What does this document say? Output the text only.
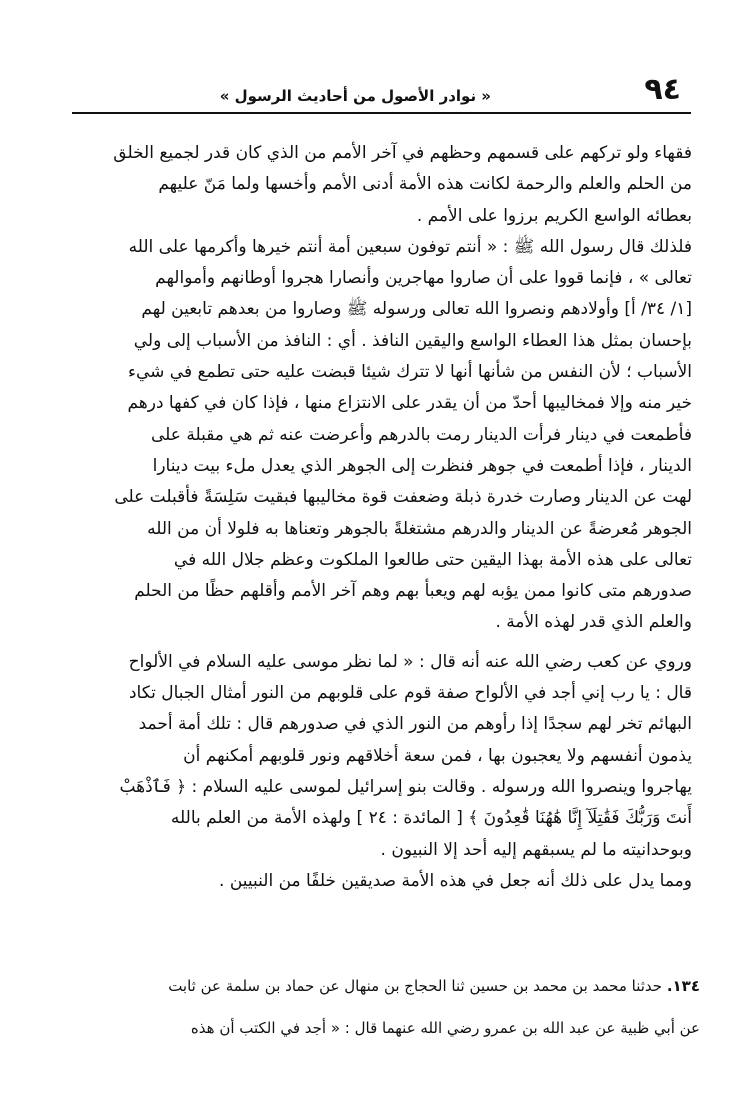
٩٤
« نوادر الأصول من أحاديث الرسول »
فقهاء ولو تركهم على قسمهم وحظهم في آخر الأمم من الذي كان قدر لجميع الخلق
من الحلم والعلم والرحمة لكانت هذه الأمة أدنى الأمم وأخسها ولما مَنّ عليهم
بعطائه الواسع الكريم برزوا على الأمم .
فلذلك قال رسول الله ﷺ : « أنتم توفون سبعين أمة أنتم خيرها وأكرمها على الله
تعالى » ، فإنما قووا على أن صاروا مهاجرين وأنصارا هجروا أوطانهم وأموالهم
[١/ ٣٤/ أ] وأولادهم ونصروا الله تعالى ورسوله ﷺ وصاروا من بعدهم تابعين لهم
بإحسان بمثل هذا العطاء الواسع واليقين النافذ . أي : النافذ من الأسباب إلى ولي
الأسباب ؛ لأن النفس من شأنها أنها لا تترك شيئا قبضت عليه حتى تطمع في شيء
خير منه وإلا فمخاليبها أحدّ من أن يقدر على الانتزاع منها ، فإذا كان في كفها درهم
فأطمعت في دينار فرأت الدينار رمت بالدرهم وأعرضت عنه ثم هي مقبلة على
الدينار ، فإذا أطمعت في جوهر فنظرت إلى الجوهر الذي يعدل ملء بيت دينارا
لهت عن الدينار وصارت خدرة ذبلة وضعفت قوة مخاليبها فبقيت سَلِسَةً فأقبلت على
الجوهر مُعرضةً عن الدينار والدرهم مشتغلةً بالجوهر وتعناها به فلولا أن من الله
تعالى على هذه الأمة بهذا اليقين حتى طالعوا الملكوت وعظم جلال الله في
صدورهم متى كانوا ممن يؤبه لهم ويعبأ بهم وهم آخر الأمم وأقلهم حظًا من الحلم
والعلم الذي قدر لهذه الأمة .
وروي عن كعب رضي الله عنه أنه قال : « لما نظر موسى عليه السلام في الألواح
قال : يا رب إني أجد في الألواح صفة قوم على قلوبهم من النور أمثال الجبال تكاد
البهائم تخر لهم سجدًا إذا رأوهم من النور الذي في صدورهم قال : تلك أمة أحمد
يذمون أنفسهم ولا يعجبون بها ، فمن سعة أخلاقهم ونور قلوبهم أمكنهم أن
يهاجروا وينصروا الله ورسوله . وقالت بنو إسرائيل لموسى عليه السلام : ﴿ فَٱذْهَبْ
أَنتَ وَرَبُّكَ فَقَٰتِلَآ إِنَّا هَٰهُنَا قَٰعِدُونَ ﴾ [ المائدة : ٢٤ ] ولهذه الأمة من العلم بالله
وبوحدانيته ما لم يسبقهم إليه أحد إلا النبيون .
ومما يدل على ذلك أنه جعل في هذه الأمة صديقين خلفًا من النبيين .
١٣٤. حدثنا محمد بن محمد بن حسين ثنا الحجاج بن منهال عن حماد بن سلمة عن ثابت
عن أبي ظبية عن عبد الله بن عمرو رضي الله عنهما قال : « أجد في الكتب أن هذه
